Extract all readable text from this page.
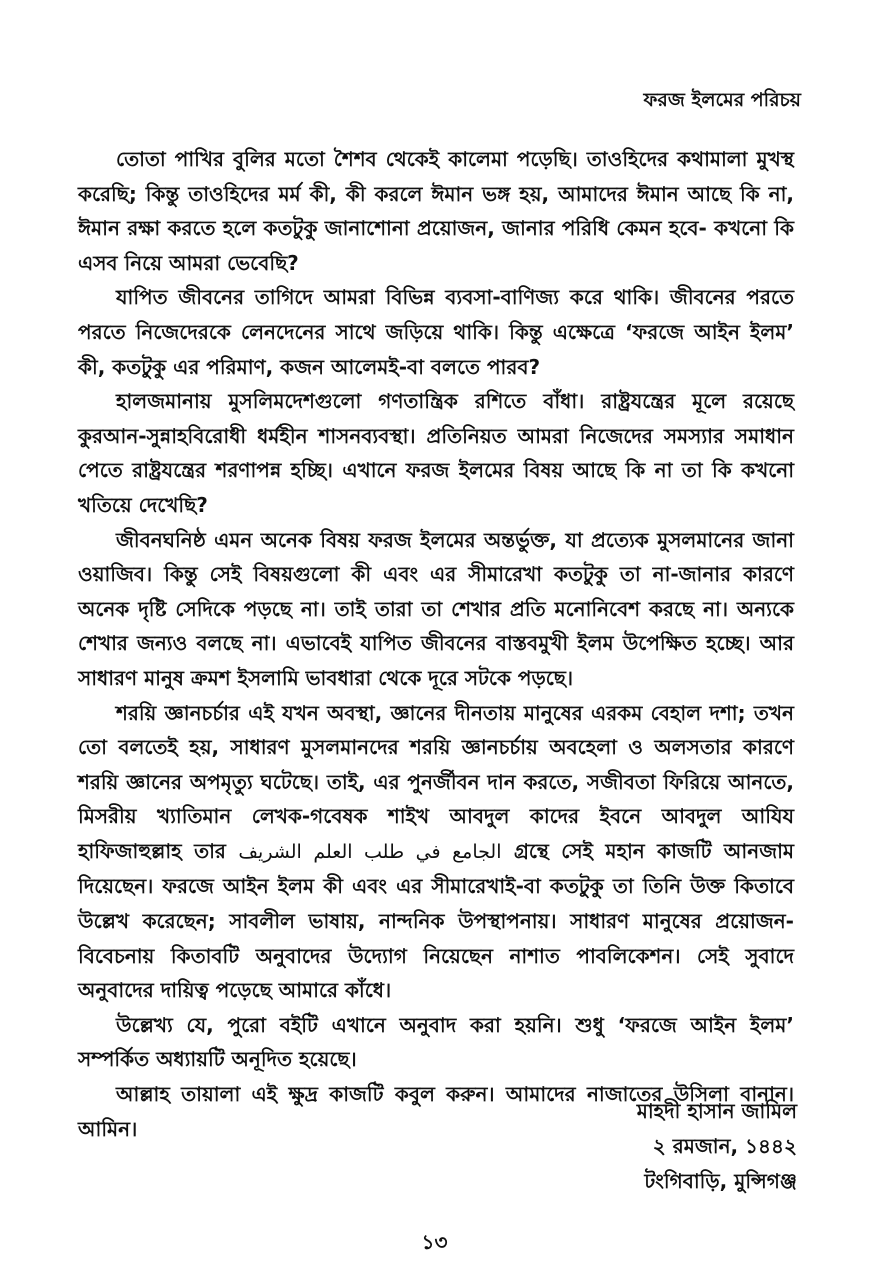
ফরজ ইলমের পরিচয়

তোতা পাখির বুলির মতো শৈশব থেকেই কালেমা পড়েছি। তাওহিদের কথামালা মুখস্থ করেছি; কিন্তু তাওহিদের মর্ম কী, কী করলে ঈমান ভঙ্গ হয়, আমাদের ঈমান আছে কি না, ঈমান রক্ষা করতে হলে কতটুকু জানাশোনা প্রয়োজন, জানার পরিধি কেমন হবে- কখনো কি এসব নিয়ে আমরা ভেবেছি?

যাপিত জীবনের তাগিদে আমরা বিভিন্ন ব্যবসা-বাণিজ্য করে থাকি। জীবনের পরতে পরতে নিজেদেরকে লেনদেনের সাথে জড়িয়ে থাকি। কিন্তু এক্ষেত্রে ‘ফরজে আইন ইলম’ কী, কতটুকু এর পরিমাণ, কজন আলেমই-বা বলতে পারব?

হালজমানায় মুসলিমদেশগুলো গণতান্ত্রিক রশিতে বাঁধা। রাষ্ট্রযন্ত্রের মূলে রয়েছে কুরআন-সুন্নাহবিরোধী ধর্মহীন শাসনব্যবস্থা। প্রতিনিয়ত আমরা নিজেদের সমস্যার সমাধান পেতে রাষ্ট্রযন্ত্রের শরণাপন্ন হচ্ছি। এখানে ফরজ ইলমের বিষয় আছে কি না তা কি কখনো খতিয়ে দেখেছি?

জীবনঘনিষ্ঠ এমন অনেক বিষয় ফরজ ইলমের অন্তর্ভুক্ত, যা প্রত্যেক মুসলমানের জানা ওয়াজিব। কিন্তু সেই বিষয়গুলো কী এবং এর সীমারেখা কতটুকু তা না-জানার কারণে অনেক দৃষ্টি সেদিকে পড়ছে না। তাই তারা তা শেখার প্রতি মনোনিবেশ করছে না। অন্যকে শেখার জন্যও বলছে না। এভাবেই যাপিত জীবনের বাস্তবমুখী ইলম উপেক্ষিত হচ্ছে। আর সাধারণ মানুষ ক্রমশ ইসলামি ভাবধারা থেকে দূরে সটকে পড়ছে।

শরয়ি জ্ঞানচর্চার এই যখন অবস্থা, জ্ঞানের দীনতায় মানুষের এরকম বেহাল দশা; তখন তো বলতেই হয়, সাধারণ মুসলমানদের শরয়ি জ্ঞানচর্চায় অবহেলা ও অলসতার কারণে শরয়ি জ্ঞানের অপমৃত্যু ঘটেছে। তাই, এর পুনর্জীবন দান করতে, সজীবতা ফিরিয়ে আনতে, মিসরীয় খ্যাতিমান লেখক-গবেষক শাইখ আবদুল কাদের ইবনে আবদুল আযিয হাফিজাহুল্লাহ তার الجامع في طلب العلم الشريف গ্রন্থে সেই মহান কাজটি আনজাম দিয়েছেন। ফরজে আইন ইলম কী এবং এর সীমারেখাই-বা কতটুকু তা তিনি উক্ত কিতাবে উল্লেখ করেছেন; সাবলীল ভাষায়, নান্দনিক উপস্থাপনায়। সাধারণ মানুষের প্রয়োজন-বিবেচনায় কিতাবটি অনুবাদের উদ্যোগ নিয়েছেন নাশাত পাবলিকেশন। সেই সুবাদে অনুবাদের দায়িত্ব পড়েছে আমারে কাঁধে।

উল্লেখ্য যে, পুরো বইটি এখানে অনুবাদ করা হয়নি। শুধু ‘ফরজে আইন ইলম’ সম্পর্কিত অধ্যায়টি অনূদিত হয়েছে।

আল্লাহ তায়ালা এই ক্ষুদ্র কাজটি কবুল করুন। আমাদের নাজাতের উসিলা বানান। আমিন।

মাহদী হাসান জামিল
২ রমজান, ১৪৪২
টংগিবাড়ি, মুন্সিগঞ্জ
১৩
